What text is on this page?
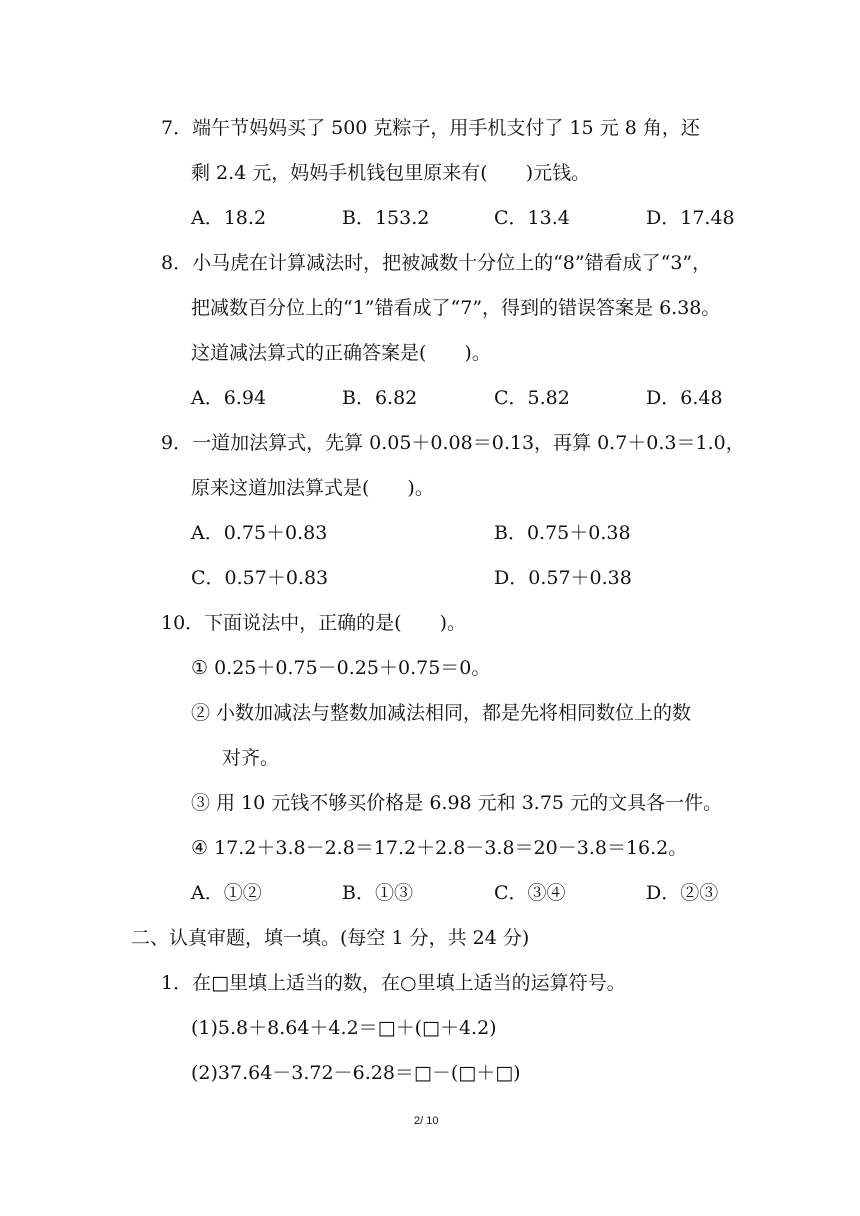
7．端午节妈妈买了 500 克粽子，用手机支付了 15 元 8 角，还
剩 2.4 元，妈妈手机钱包里原来有(　　)元钱。
A．18.2	B．153.2	C．13.4	D．17.48
8．小马虎在计算减法时，把被减数十分位上的“8”错看成了“3”，
把减数百分位上的“1”错看成了“7”，得到的错误答案是 6.38。
这道减法算式的正确答案是(　　)。
A．6.94	B．6.82	C．5.82	D．6.48
9．一道加法算式，先算 0.05＋0.08＝0.13，再算 0.7＋0.3＝1.0，
原来这道加法算式是(　　)。
A．0.75＋0.83	B．0.75＋0.38
C．0.57＋0.83	D．0.57＋0.38
10．下面说法中，正确的是(　　)。
① 0.25＋0.75－0.25＋0.75＝0。
② 小数加减法与整数加减法相同，都是先将相同数位上的数
对齐。
③ 用 10 元钱不够买价格是 6.98 元和 3.75 元的文具各一件。
④ 17.2＋3.8－2.8＝17.2＋2.8－3.8＝20－3.8＝16.2。
A．①②	B．①③	C．③④	D．②③
二、认真审题，填一填。(每空 1 分，共 24 分)
1．在□里填上适当的数，在○里填上适当的运算符号。
(1)5.8＋8.64＋4.2＝□＋(□＋4.2)
(2)37.64－3.72－6.28＝□－(□＋□)
2/ 10
